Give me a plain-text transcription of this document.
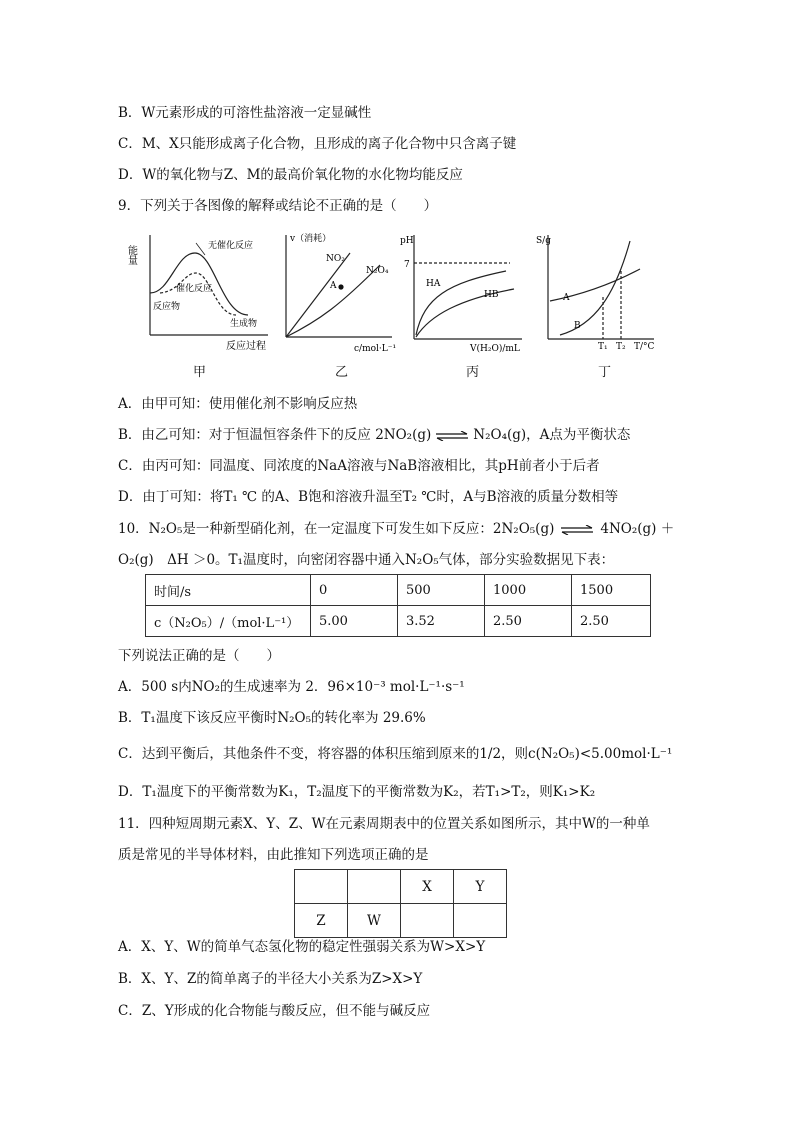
B．W元素形成的可溶性盐溶液一定显碱性
C．M、X只能形成离子化合物，且形成的离子化合物中只含离子键
D．W的氧化物与Z、M的最高价氧化物的水化物均能反应
9．下列关于各图像的解释或结论不正确的是（　　）
能量	无催化反应
催化反应
反应物
生成物
反应过程
v（消耗）
NO₂
N₂O₄
A
c/mol·L⁻¹
pH
7
HA
HB
V(H₂O)/mL
S/g
A
B
T₁ T₂ T/°C
甲	乙	丙	丁
A．由甲可知：使用催化剂不影响反应热
B．由乙可知：对于恒温恒容条件下的反应 2NO₂(g) ⇌ N₂O₄(g)，A点为平衡状态
C．由丙可知：同温度、同浓度的NaA溶液与NaB溶液相比，其pH前者小于后者
D．由丁可知：将T₁ ℃ 的A、B饱和溶液升温至T₂ ℃时，A与B溶液的质量分数相等
10．N₂O₅是一种新型硝化剂，在一定温度下可发生如下反应：2N₂O₅(g) ⇌ 4NO₂(g) ＋
O₂(g)　ΔH ＞0。T₁温度时，向密闭容器中通入N₂O₅气体，部分实验数据见下表：
时间/s	0	500	1000	1500
c（N₂O₅）/（mol·L⁻¹）	5.00	3.52	2.50	2.50
下列说法正确的是（　　）
A．500 s内NO₂的生成速率为 2．96×10⁻³ mol·L⁻¹·s⁻¹
B．T₁温度下该反应平衡时N₂O₅的转化率为 29.6%
C．达到平衡后，其他条件不变，将容器的体积压缩到原来的1/2，则c(N₂O₅)<5.00mol·L⁻¹
D．T₁温度下的平衡常数为K₁，T₂温度下的平衡常数为K₂，若T₁>T₂，则K₁>K₂
11．四种短周期元素X、Y、Z、W在元素周期表中的位置关系如图所示，其中W的一种单
质是常见的半导体材料，由此推知下列选项正确的是
		X	Y
Z	W		
A．X、Y、W的简单气态氢化物的稳定性强弱关系为W>X>Y
B．X、Y、Z的简单离子的半径大小关系为Z>X>Y
C．Z、Y形成的化合物能与酸反应，但不能与碱反应
